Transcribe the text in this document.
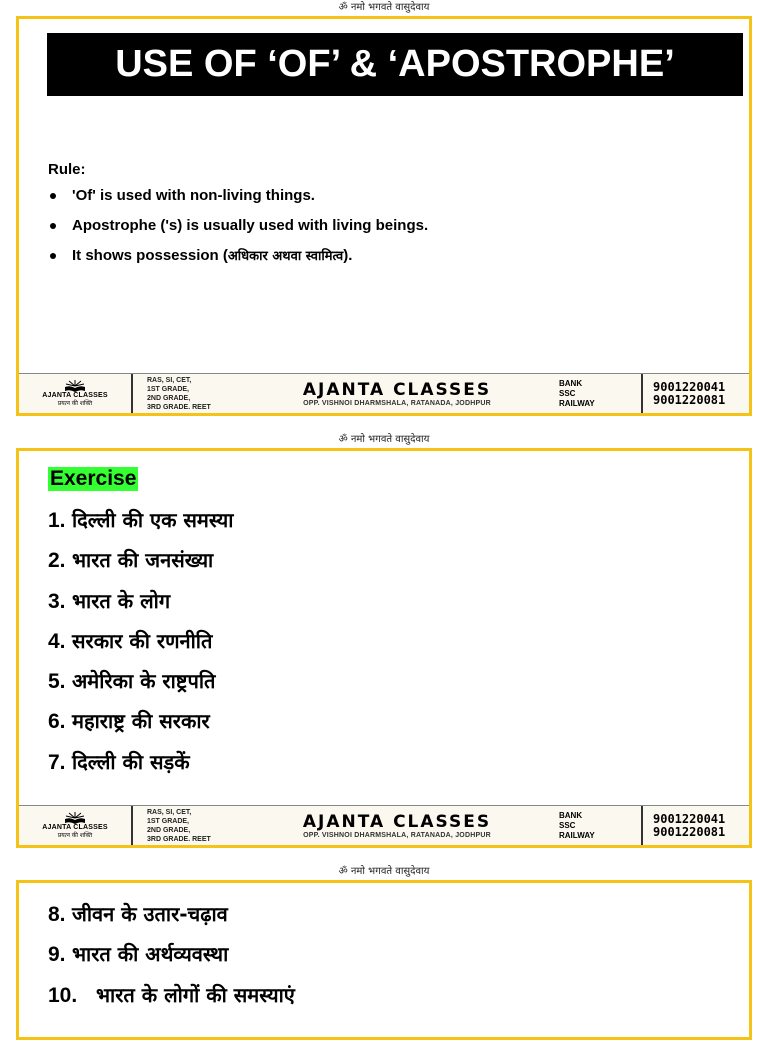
ॐ नमो भगवते वासुदेवाय
USE OF ‘OF’ & ‘APOSTROPHE’
Rule:
'Of' is used with non-living things.
Apostrophe ('s) is usually used with living beings.
It shows possession (अधिकार अथवा स्वामित्व).
AJANTA CLASSES
प्रयत्न की शक्ति
RAS, SI, CET,
1ST GRADE,
2ND GRADE,
3RD GRADE. REET
AJANTA CLASSES
OPP. VISHNOI DHARMSHALA, RATANADA, JODHPUR
BANK
SSC
RAILWAY
9001220041
9001220081
ॐ नमो भगवते वासुदेवाय
Exercise
1. दिल्ली की एक समस्या
2. भारत की जनसंख्या
3. भारत के लोग
4. सरकार की रणनीति
5. अमेरिका के राष्ट्रपति
6. महाराष्ट्र की सरकार
7. दिल्ली की सड़कें
AJANTA CLASSES
प्रयत्न की शक्ति
RAS, SI, CET,
1ST GRADE,
2ND GRADE,
3RD GRADE. REET
AJANTA CLASSES
OPP. VISHNOI DHARMSHALA, RATANADA, JODHPUR
BANK
SSC
RAILWAY
9001220041
9001220081
ॐ नमो भगवते वासुदेवाय
8. जीवन के उतार-चढ़ाव
9. भारत की अर्थव्यवस्था
10. भारत के लोगों की समस्याएं
